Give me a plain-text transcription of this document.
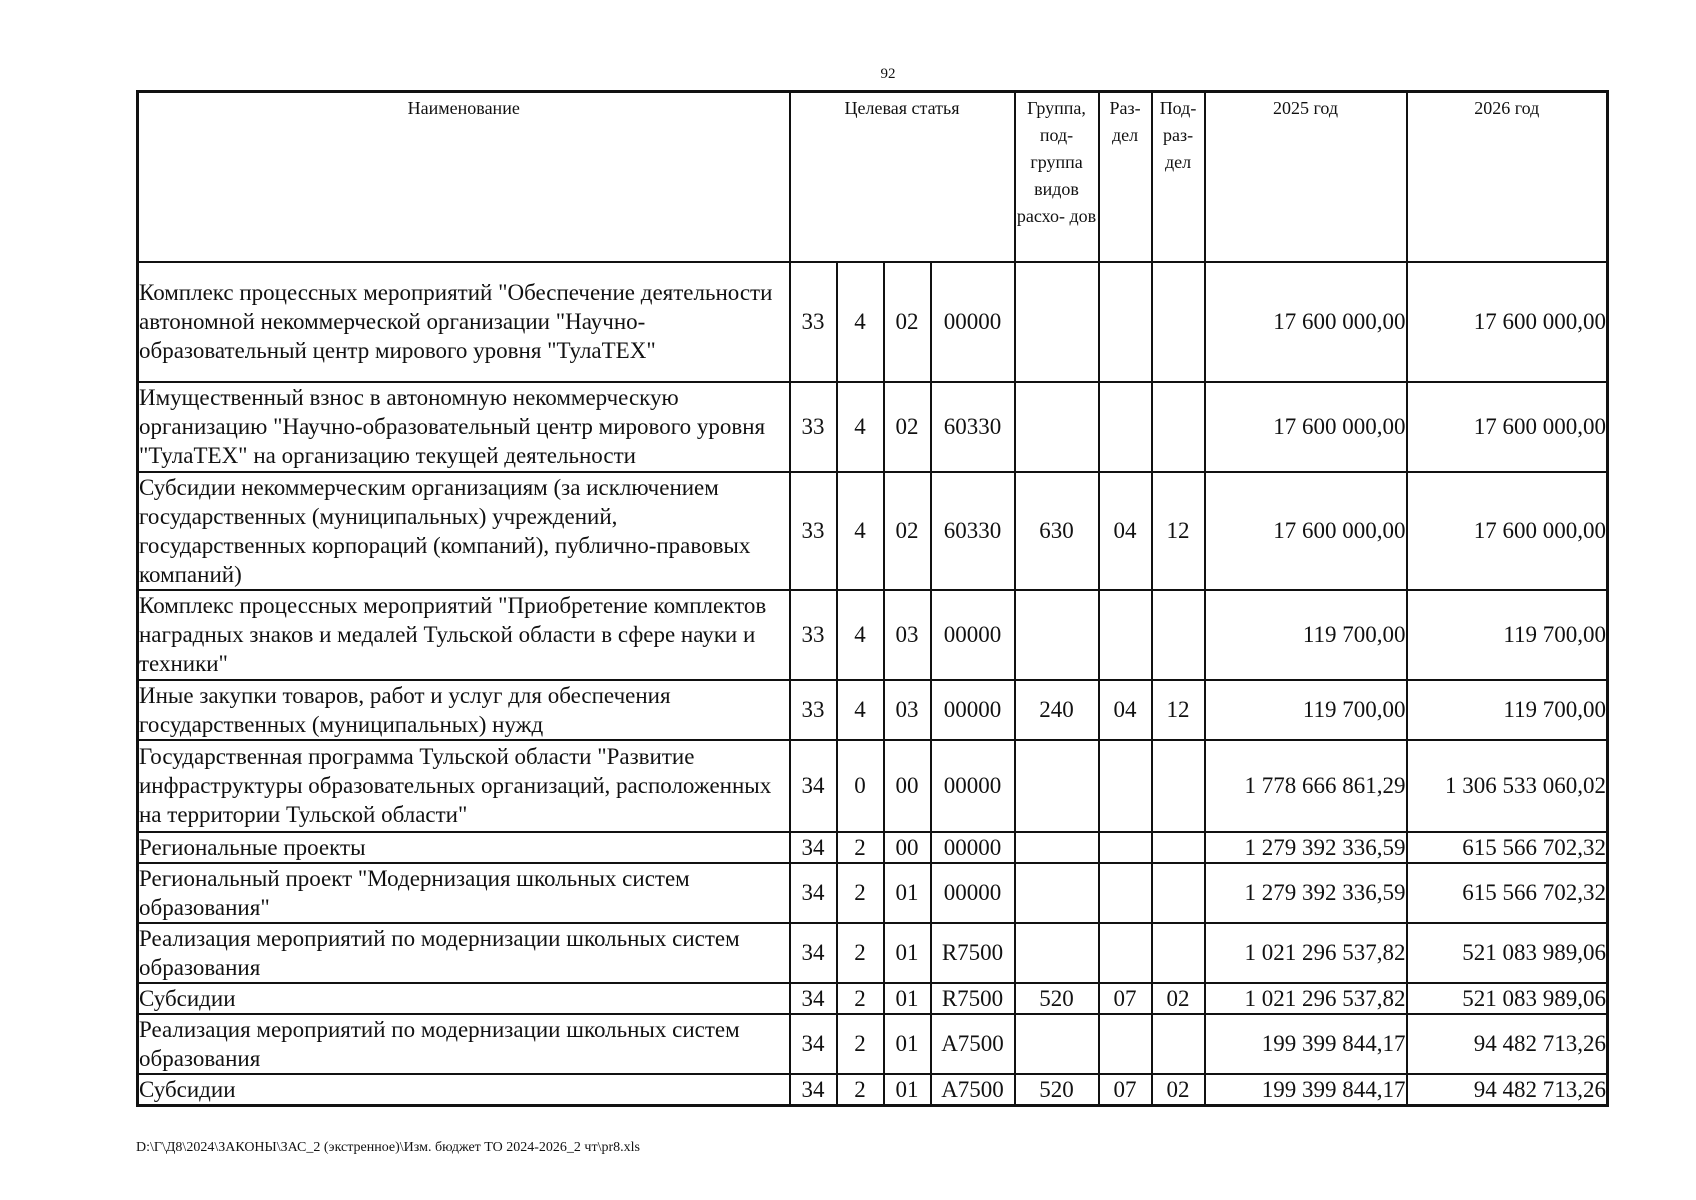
92
Наименование	Целевая статья				Группа, под- группа видов расхо- дов	Раз- дел	Под- раз- дел	2025 год	2026 год
Комплекс процессных мероприятий "Обеспечение деятельности автономной некоммерческой организации "Научно-образовательный центр мирового уровня "ТулаТЕХ"	33	4	02	00000				17 600 000,00	17 600 000,00
Имущественный взнос в автономную некоммерческую организацию "Научно-образовательный центр мирового уровня "ТулаТЕХ" на организацию текущей деятельности	33	4	02	60330				17 600 000,00	17 600 000,00
Субсидии некоммерческим организациям (за исключением государственных (муниципальных) учреждений, государственных корпораций (компаний), публично-правовых компаний)	33	4	02	60330	630	04	12	17 600 000,00	17 600 000,00
Комплекс процессных мероприятий "Приобретение комплектов наградных знаков и медалей Тульской области в сфере науки и техники"	33	4	03	00000				119 700,00	119 700,00
Иные закупки товаров, работ и услуг для обеспечения государственных (муниципальных) нужд	33	4	03	00000	240	04	12	119 700,00	119 700,00
Государственная программа Тульской области "Развитие инфраструктуры образовательных организаций, расположенных на территории Тульской области"	34	0	00	00000				1 778 666 861,29	1 306 533 060,02
Региональные проекты	34	2	00	00000				1 279 392 336,59	615 566 702,32
Региональный проект "Модернизация школьных систем образования"	34	2	01	00000				1 279 392 336,59	615 566 702,32
Реализация мероприятий по модернизации школьных систем образования	34	2	01	R7500				1 021 296 537,82	521 083 989,06
Субсидии	34	2	01	R7500	520	07	02	1 021 296 537,82	521 083 989,06
Реализация мероприятий по модернизации школьных систем образования	34	2	01	A7500				199 399 844,17	94 482 713,26
Субсидии	34	2	01	A7500	520	07	02	199 399 844,17	94 482 713,26
D:\Г\Д8\2024\ЗАКОНЫ\ЗАС_2 (экстренное)\Изм. бюджет ТО 2024-2026_2 чт\pr8.xls
